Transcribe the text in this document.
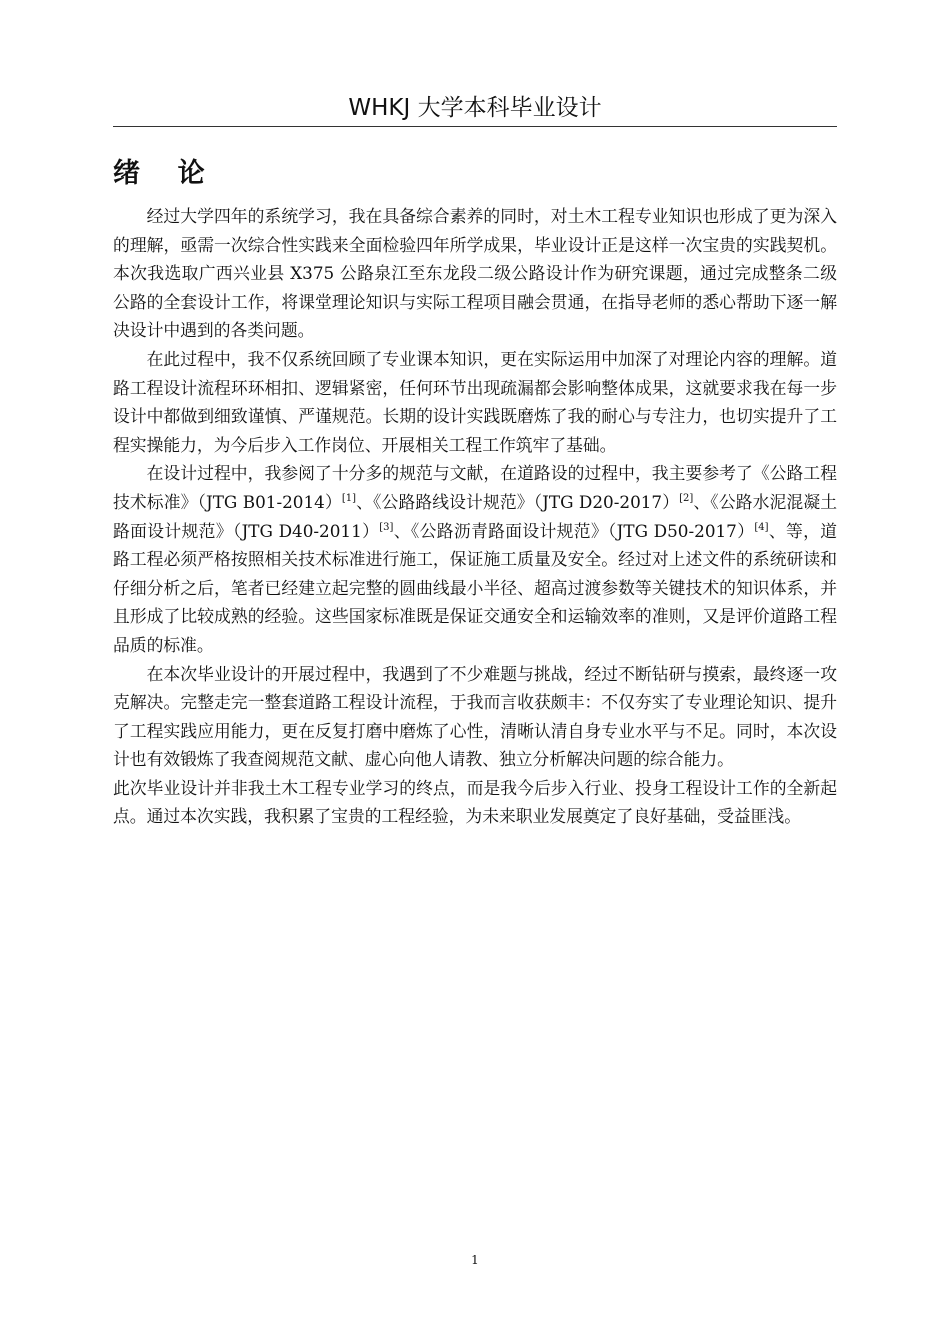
WHKJ 大学本科毕业设计
绪    论

经过大学四年的系统学习，我在具备综合素养的同时，对土木工程专业知识也形成了更为深入的理解，亟需一次综合性实践来全面检验四年所学成果，毕业设计正是这样一次宝贵的实践契机。本次我选取广西兴业县 X375 公路泉江至东龙段二级公路设计作为研究课题，通过完成整条二级公路的全套设计工作，将课堂理论知识与实际工程项目融会贯通，在指导老师的悉心帮助下逐一解决设计中遇到的各类问题。

在此过程中，我不仅系统回顾了专业课本知识，更在实际运用中加深了对理论内容的理解。道路工程设计流程环环相扣、逻辑紧密，任何环节出现疏漏都会影响整体成果，这就要求我在每一步设计中都做到细致谨慎、严谨规范。长期的设计实践既磨炼了我的耐心与专注力，也切实提升了工程实操能力，为今后步入工作岗位、开展相关工程工作筑牢了基础。

在设计过程中，我参阅了十分多的规范与文献，在道路设的过程中，我主要参考了《公路工程技术标准》（JTG B01-2014）[1]、《公路路线设计规范》（JTG D20-2017）[2]、《公路水泥混凝土路面设计规范》（JTG D40-2011）[3]、《公路沥青路面设计规范》（JTG D50-2017）[4]、等，道路工程必须严格按照相关技术标准进行施工，保证施工质量及安全。经过对上述文件的系统研读和仔细分析之后，笔者已经建立起完整的圆曲线最小半径、超高过渡参数等关键技术的知识体系，并且形成了比较成熟的经验。这些国家标准既是保证交通安全和运输效率的准则，又是评价道路工程品质的标准。

在本次毕业设计的开展过程中，我遇到了不少难题与挑战，经过不断钻研与摸索，最终逐一攻克解决。完整走完一整套道路工程设计流程，于我而言收获颇丰：不仅夯实了专业理论知识、提升了工程实践应用能力，更在反复打磨中磨炼了心性，清晰认清自身专业水平与不足。同时，本次设计也有效锻炼了我查阅规范文献、虚心向他人请教、独立分析解决问题的综合能力。

此次毕业设计并非我土木工程专业学习的终点，而是我今后步入行业、投身工程设计工作的全新起点。通过本次实践，我积累了宝贵的工程经验，为未来职业发展奠定了良好基础，受益匪浅。

1
